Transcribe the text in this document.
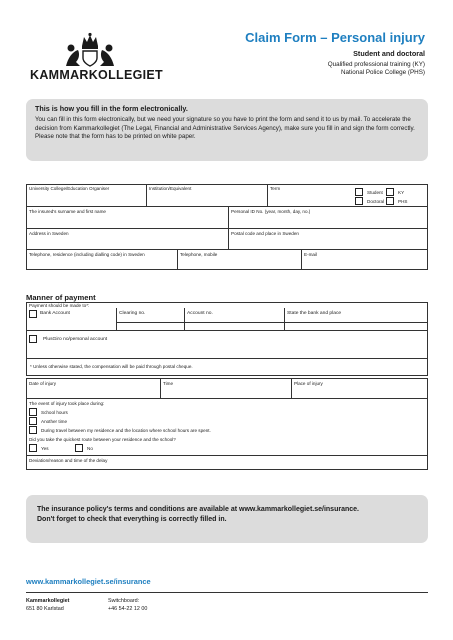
KAMMARKOLLEGIET
Claim Form – Personal injury
Student and doctoral
Qualified professional training (KY)
National Police College (PHS)
This is how you fill in the form electronically.
You can fill in this form electronically, but we need your signature so you have to print the form and send it to us by mail. To accelerate the decision from Kammarkollegiet (The Legal, Financial and Administrative Services Agency), make sure you fill in and sign the form correctly. Please note that the form has to be printed on white paper.
University College/Education Organiser	Institution/Equivalent	Term
Student
Doctoral
KY
PHS
The insured's surname and first name	Personal ID No. (year, month, day, no.)
Address in Sweden	Postal code and place in Sweden
Telephone, residence (including dialling code) in Sweden	Telephone, mobile	E-mail
Manner of payment
Payment should be made to*:
Bank Account	Clearing no.	Account no.	State the bank and place
PlusGiro no/personal account
* Unless otherwise stated, the compensation will be paid through postal cheque.
Date of injury	Time	Place of injury
The event of injury took place during:
School hours
Another time
During travel between my residence and the location where school hours are spent.
Did you take the quickest route between your residence and the school?
Yes	No
Deviation/reason and time of the delay
The insurance policy's terms and conditions are available at www.kammarkollegiet.se/insurance.
Don't forget to check that everything is correctly filled in.
www.kammarkollegiet.se/insurance
Kammarkollegiet
651 80 Karlstad
Switchboard:
+46 54-22 12 00
